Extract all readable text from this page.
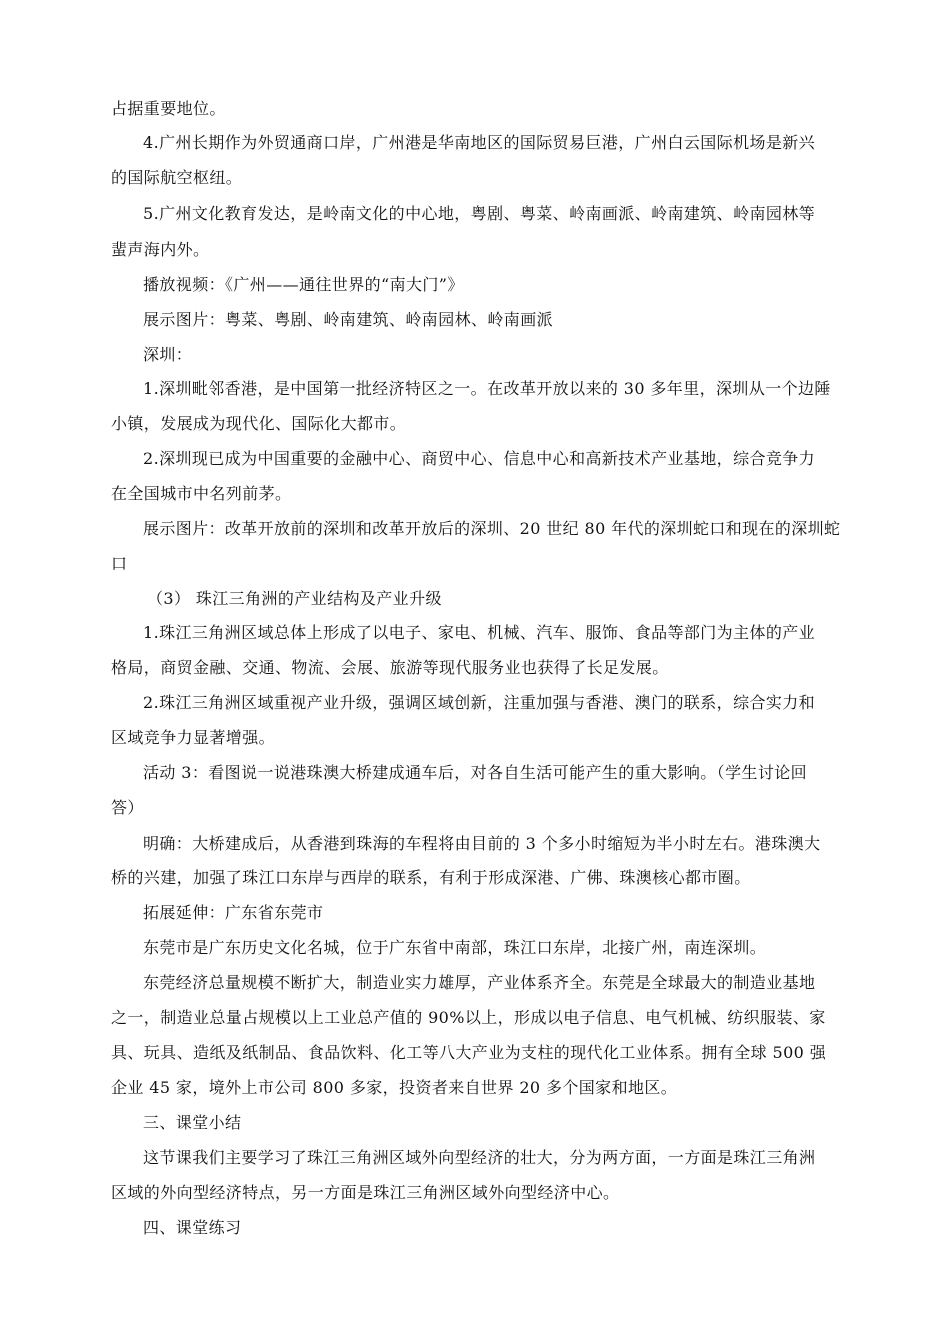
占据重要地位。
4.广州长期作为外贸通商口岸，广州港是华南地区的国际贸易巨港，广州白云国际机场是新兴
的国际航空枢纽。
5.广州文化教育发达，是岭南文化的中心地，粤剧、粤菜、岭南画派、岭南建筑、岭南园林等
蜚声海内外。
播放视频：《广州——通往世界的“南大门”》
展示图片：粤菜、粤剧、岭南建筑、岭南园林、岭南画派
深圳：
1.深圳毗邻香港，是中国第一批经济特区之一。在改革开放以来的 30 多年里，深圳从一个边陲
小镇，发展成为现代化、国际化大都市。
2.深圳现已成为中国重要的金融中心、商贸中心、信息中心和高新技术产业基地，综合竞争力
在全国城市中名列前茅。
展示图片：改革开放前的深圳和改革开放后的深圳、20 世纪 80 年代的深圳蛇口和现在的深圳蛇
口
（3） 珠江三角洲的产业结构及产业升级
1.珠江三角洲区域总体上形成了以电子、家电、机械、汽车、服饰、食品等部门为主体的产业
格局，商贸金融、交通、物流、会展、旅游等现代服务业也获得了长足发展。
2.珠江三角洲区域重视产业升级，强调区域创新，注重加强与香港、澳门的联系，综合实力和
区域竞争力显著增强。
活动 3：看图说一说港珠澳大桥建成通车后，对各自生活可能产生的重大影响。（学生讨论回
答）
明确：大桥建成后，从香港到珠海的车程将由目前的 3 个多小时缩短为半小时左右。港珠澳大
桥的兴建，加强了珠江口东岸与西岸的联系，有利于形成深港、广佛、珠澳核心都市圈。
拓展延伸：广东省东莞市
东莞市是广东历史文化名城，位于广东省中南部，珠江口东岸，北接广州，南连深圳。
东莞经济总量规模不断扩大，制造业实力雄厚，产业体系齐全。东莞是全球最大的制造业基地
之一，制造业总量占规模以上工业总产值的 90%以上，形成以电子信息、电气机械、纺织服装、家
具、玩具、造纸及纸制品、食品饮料、化工等八大产业为支柱的现代化工业体系。拥有全球 500 强
企业 45 家，境外上市公司 800 多家，投资者来自世界 20 多个国家和地区。
三、课堂小结
这节课我们主要学习了珠江三角洲区域外向型经济的壮大，分为两方面，一方面是珠江三角洲
区域的外向型经济特点，另一方面是珠江三角洲区域外向型经济中心。
四、课堂练习
